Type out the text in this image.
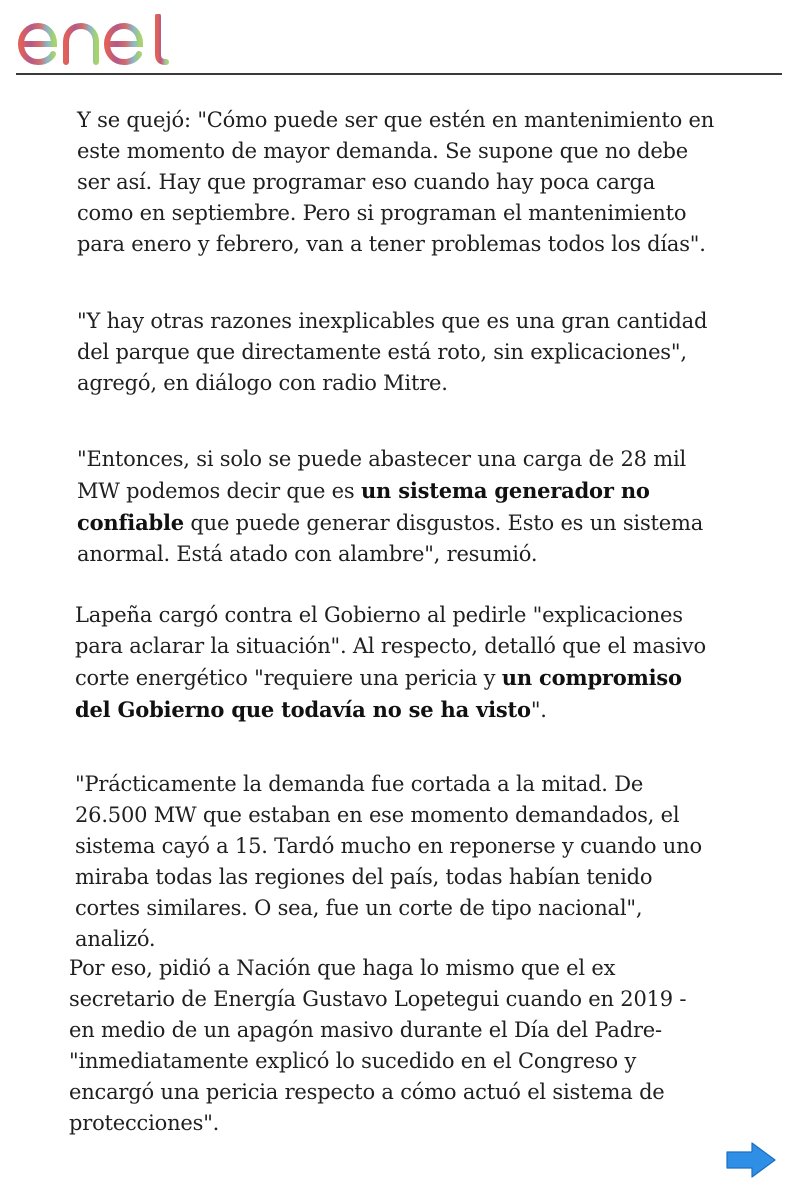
Y se quejó: "Cómo puede ser que estén en mantenimiento en este momento de mayor demanda. Se supone que no debe ser así. Hay que programar eso cuando hay poca carga como en septiembre. Pero si programan el mantenimiento para enero y febrero, van a tener problemas todos los días".

"Y hay otras razones inexplicables que es una gran cantidad del parque que directamente está roto, sin explicaciones", agregó, en diálogo con radio Mitre.

"Entonces, si solo se puede abastecer una carga de 28 mil MW podemos decir que es un sistema generador no confiable que puede generar disgustos. Esto es un sistema anormal. Está atado con alambre", resumió.

Lapeña cargó contra el Gobierno al pedirle "explicaciones para aclarar la situación". Al respecto, detalló que el masivo corte energético "requiere una pericia y un compromiso del Gobierno que todavía no se ha visto".

"Prácticamente la demanda fue cortada a la mitad. De 26.500 MW que estaban en ese momento demandados, el sistema cayó a 15. Tardó mucho en reponerse y cuando uno miraba todas las regiones del país, todas habían tenido cortes similares. O sea, fue un corte de tipo nacional", analizó.

Por eso, pidió a Nación que haga lo mismo que el ex secretario de Energía Gustavo Lopetegui cuando en 2019 -en medio de un apagón masivo durante el Día del Padre- "inmediatamente explicó lo sucedido en el Congreso y encargó una pericia respecto a cómo actuó el sistema de protecciones".
